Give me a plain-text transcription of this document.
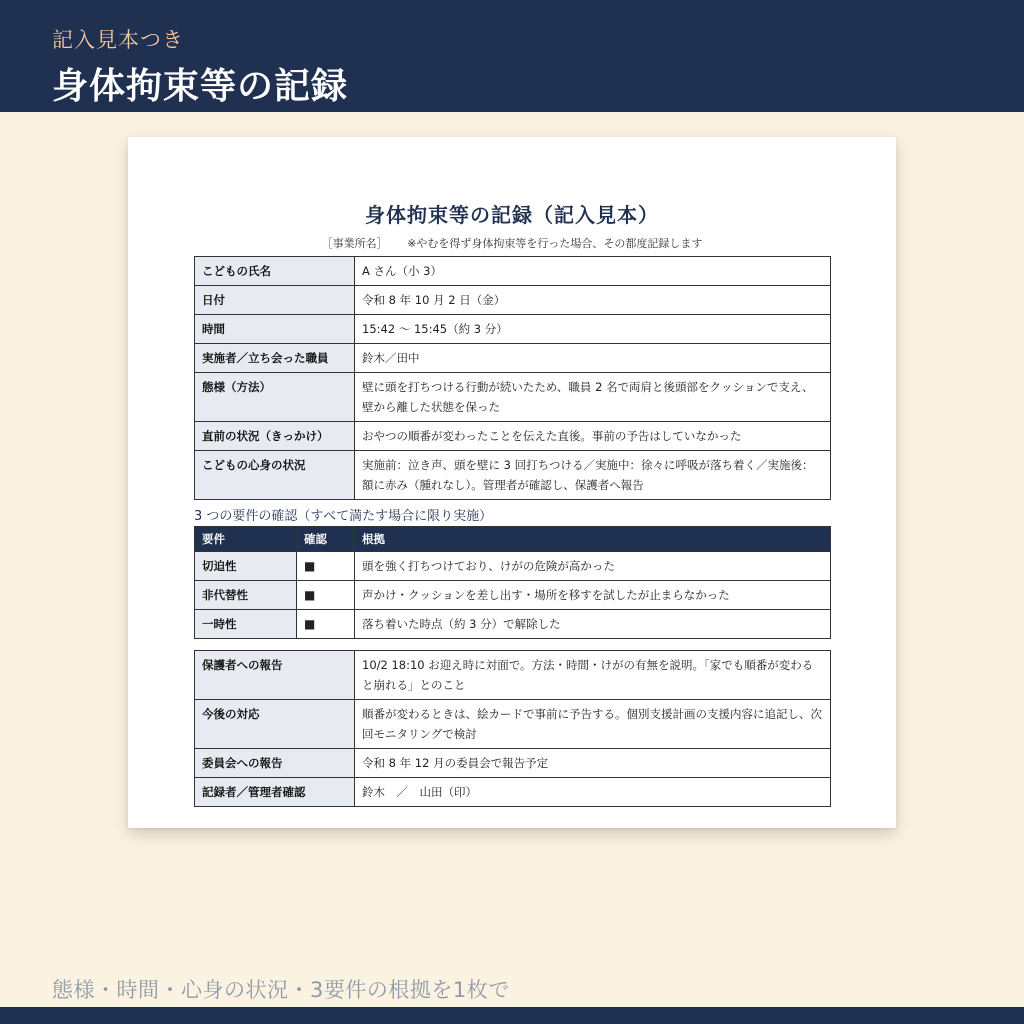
記入見本つき
身体拘束等の記録
身体拘束等の記録（記入見本）
［事業所名］ ※やむを得ず身体拘束等を行った場合、その都度記録します
こどもの氏名	A さん（小 3）
日付	令和 8 年 10 月 2 日（金）
時間	15:42 〜 15:45（約 3 分）
実施者／立ち会った職員	鈴木／田中
態様（方法）	壁に頭を打ちつける行動が続いたため、職員 2 名で両肩と後頭部をクッションで支え、壁から離した状態を保った
直前の状況（きっかけ）	おやつの順番が変わったことを伝えた直後。事前の予告はしていなかった
こどもの心身の状況	実施前：泣き声、頭を壁に 3 回打ちつける／実施中：徐々に呼吸が落ち着く／実施後：額に赤み（腫れなし）。管理者が確認し、保護者へ報告
3 つの要件の確認（すべて満たす場合に限り実施）
要件	確認	根拠
切迫性	■	頭を強く打ちつけており、けがの危険が高かった
非代替性	■	声かけ・クッションを差し出す・場所を移すを試したが止まらなかった
一時性	■	落ち着いた時点（約 3 分）で解除した
保護者への報告	10/2 18:10 お迎え時に対面で。方法・時間・けがの有無を説明。「家でも順番が変わると崩れる」とのこと
今後の対応	順番が変わるときは、絵カードで事前に予告する。個別支援計画の支援内容に追記し、次回モニタリングで検討
委員会への報告	令和 8 年 12 月の委員会で報告予定
記録者／管理者確認	鈴木　／　山田（印）
態様・時間・心身の状況・3要件の根拠を1枚で
